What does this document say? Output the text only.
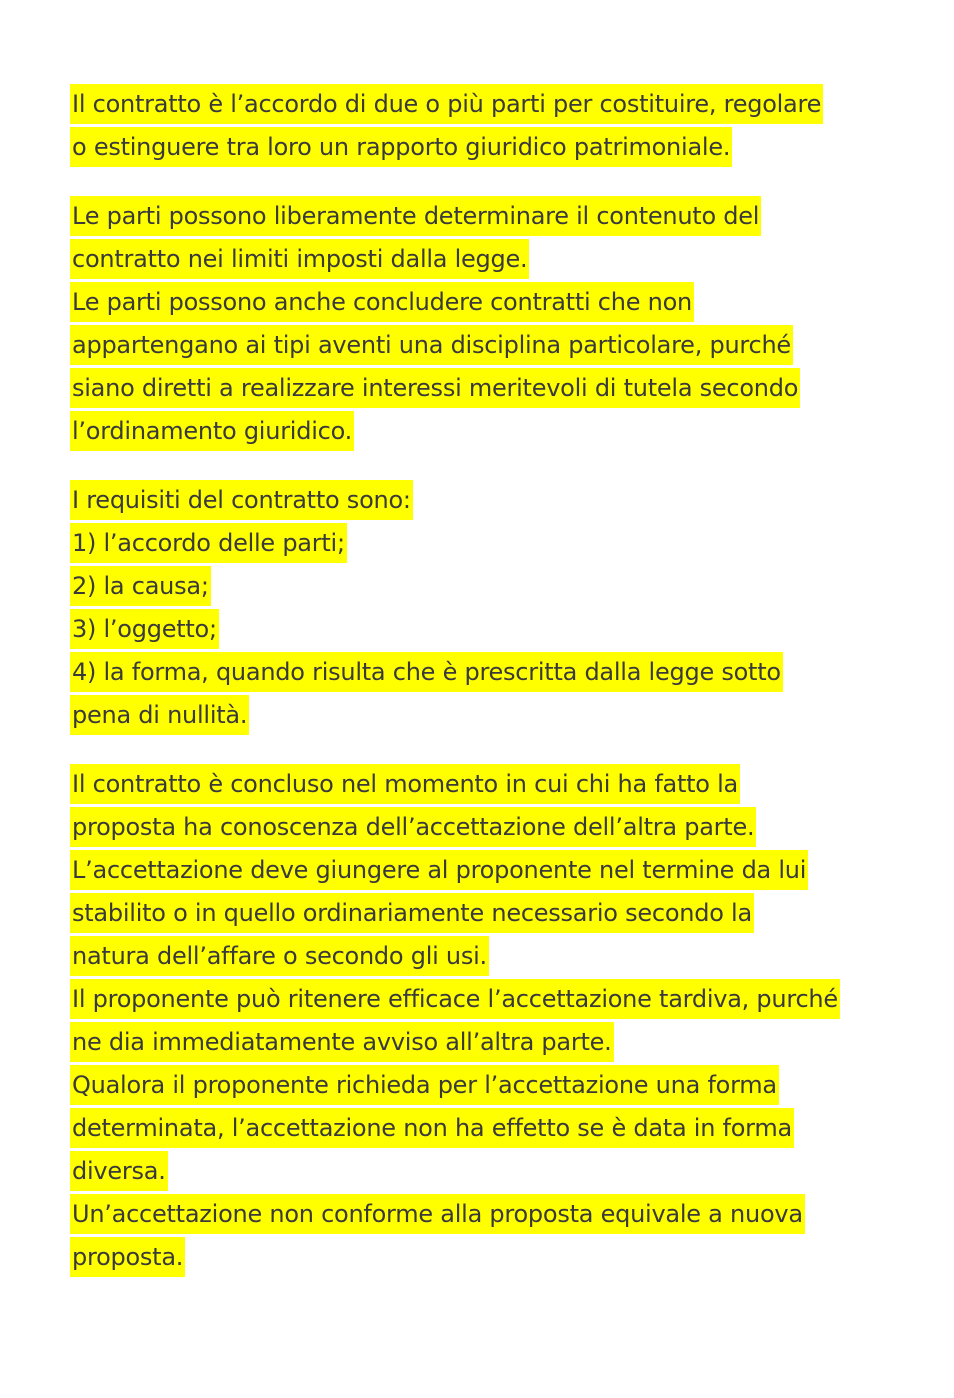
Il contratto è l’accordo di due o più parti per costituire, regolare
o estinguere tra loro un rapporto giuridico patrimoniale.
Le parti possono liberamente determinare il contenuto del
contratto nei limiti imposti dalla legge.
Le parti possono anche concludere contratti che non
appartengano ai tipi aventi una disciplina particolare, purché
siano diretti a realizzare interessi meritevoli di tutela secondo
l’ordinamento giuridico.
I requisiti del contratto sono:
1) l’accordo delle parti;
2) la causa;
3) l’oggetto;
4) la forma, quando risulta che è prescritta dalla legge sotto
pena di nullità.
Il contratto è concluso nel momento in cui chi ha fatto la
proposta ha conoscenza dell’accettazione dell’altra parte.
L’accettazione deve giungere al proponente nel termine da lui
stabilito o in quello ordinariamente necessario secondo la
natura dell’affare o secondo gli usi.
Il proponente può ritenere efficace l’accettazione tardiva, purché
ne dia immediatamente avviso all’altra parte.
Qualora il proponente richieda per l’accettazione una forma
determinata, l’accettazione non ha effetto se è data in forma
diversa.
Un’accettazione non conforme alla proposta equivale a nuova
proposta.
